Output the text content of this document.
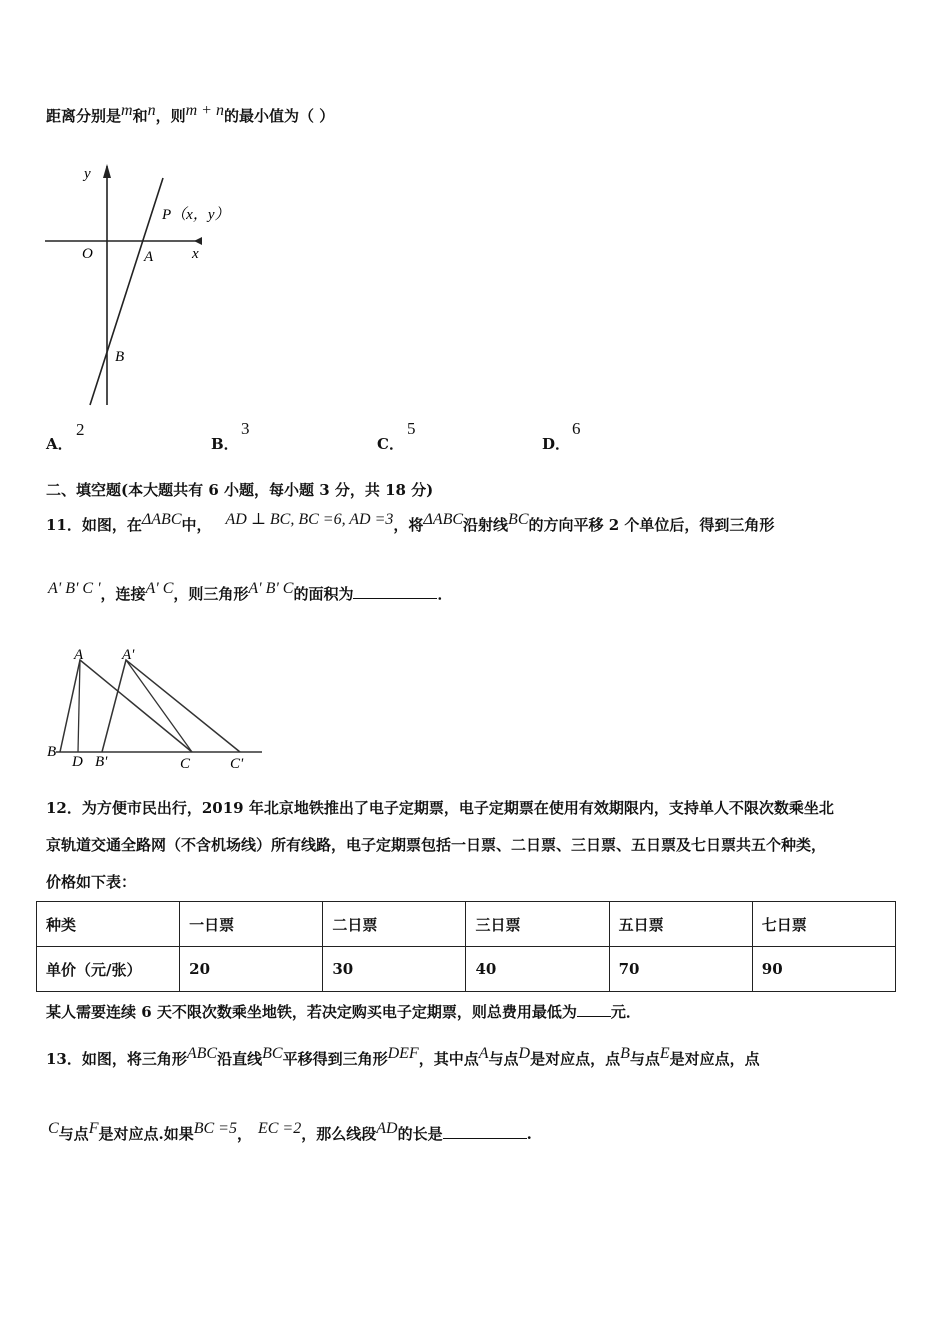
距离分别是$^m$和$^n$，则$^{m + n}$的最小值为（ ）
y
x
O
P（x，y）
A
B
A．
2
B．
3
C．
5
D．
6
二、填空题(本大题共有 6 小题，每小题 3 分，共 18 分)
11．如图，在$^{\Delta ABC}$中， $^{AD \perp BC, BC =6, AD =3}$，将$^{\Delta ABC}$沿射线$^{BC}$的方向平移 2 个单位后，得到三角形
$^{A' B' C '}$，连接$^{A' C}$，则三角形$^{A' B' C}$的面积为	．
A	A'
B
D B'	C	C'
12．为方便市民出行，2019 年北京地铁推出了电子定期票，电子定期票在使用有效期限内，支持单人不限次数乘坐北
京轨道交通全路网（不含机场线）所有线路，电子定期票包括一日票、二日票、三日票、五日票及七日票共五个种类，
价格如下表：
种类	一日票	二日票	三日票	五日票	七日票
单价（元/张）	20	30	40	70	90
某人需要连续 6 天不限次数乘坐地铁，若决定购买电子定期票，则总费用最低为 元．
13．如图，将三角形$^{ABC}$沿直线$^{BC}$平移得到三角形$^{DEF}$，其中点$^A$与点$^D$是对应点，点$^B$与点$^E$是对应点，点
$^C$与点$^F$是对应点.如果$^{BC =5}$， $^{EC =2}$，那么线段$^{AD}$的长是	.
